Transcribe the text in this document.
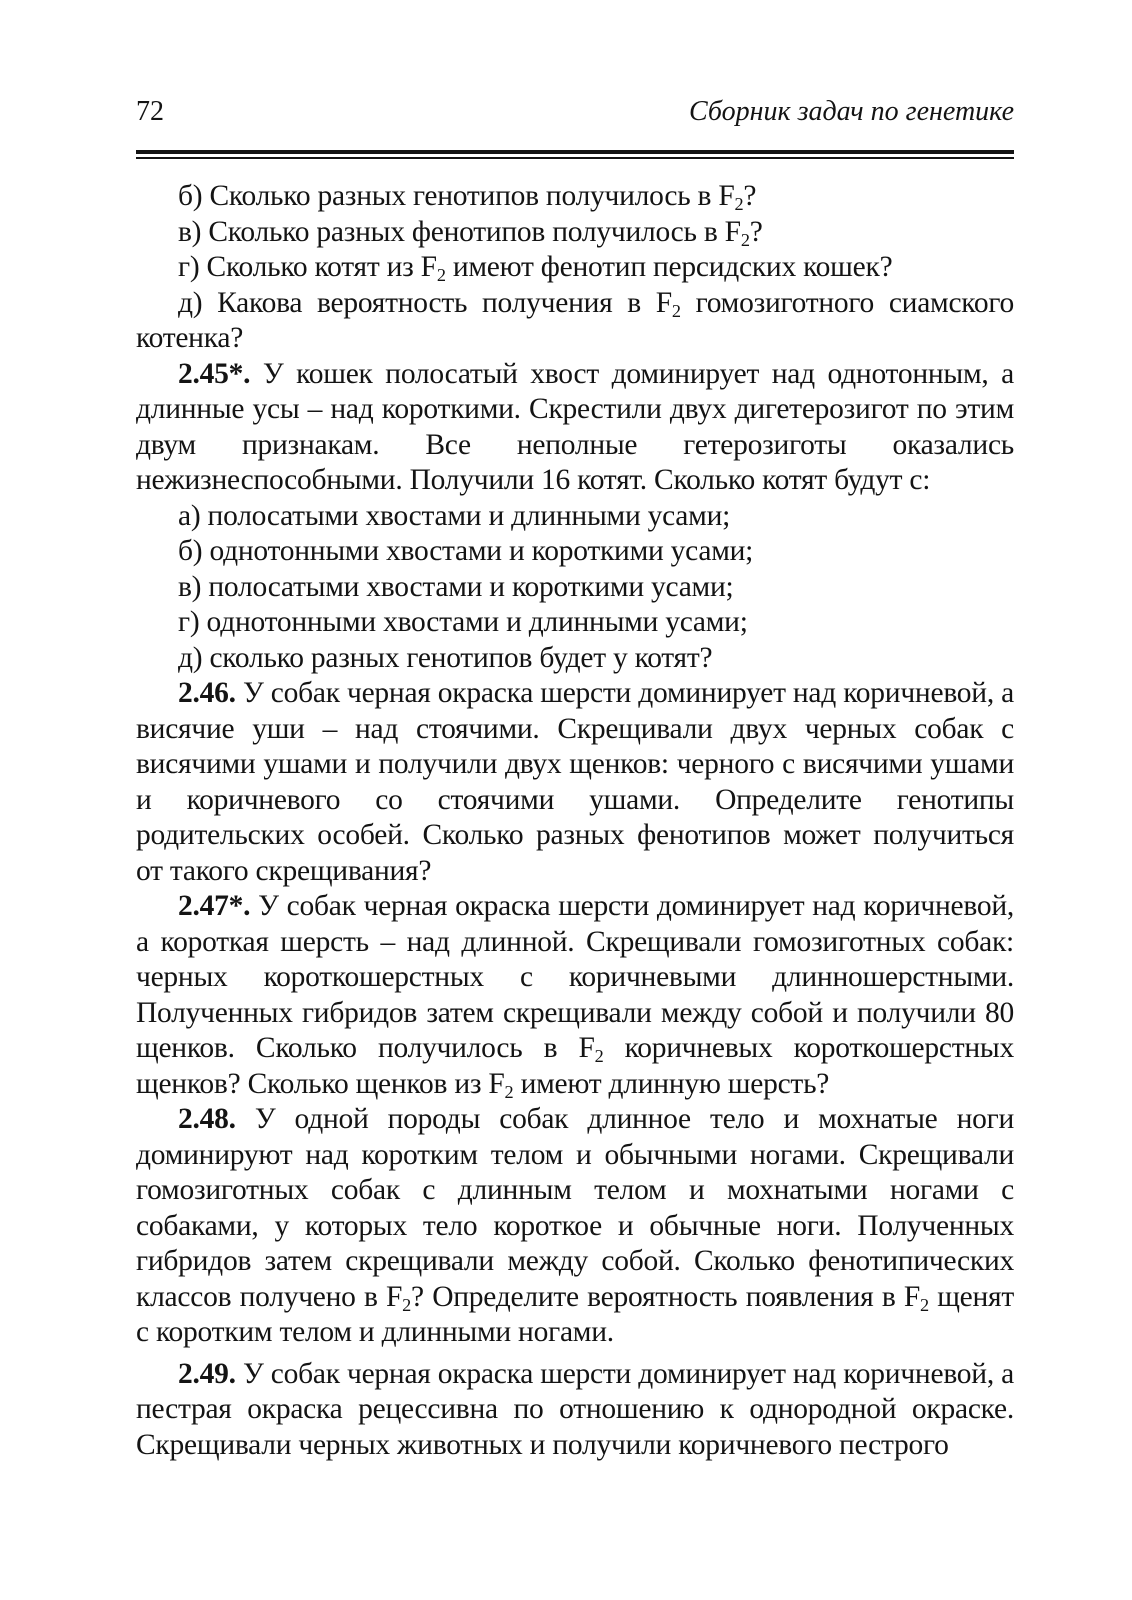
72	Сборник задач по генетике

б) Сколько разных генотипов получилось в $F_2$?

в) Сколько разных фенотипов получилось в $F_2$?

г) Сколько котят из $F_2$ имеют фенотип персидских кошек?

д) Какова вероятность получения в $F_2$ гомозиготного сиамского котенка?

2.45*. У кошек полосатый хвост доминирует над однотонным, а длинные усы – над короткими. Скрестили двух дигетерозигот по этим двум признакам. Все неполные гетерозиготы оказались нежизнеспособными. Получили 16 котят. Сколько котят будут с:

а) полосатыми хвостами и длинными усами;

б) однотонными хвостами и короткими усами;

в) полосатыми хвостами и короткими усами;

г) однотонными хвостами и длинными усами;

д) сколько разных генотипов будет у котят?

2.46. У собак черная окраска шерсти доминирует над коричневой, а висячие уши – над стоячими. Скрещивали двух черных собак с висячими ушами и получили двух щенков: черного с висячими ушами и коричневого со стоячими ушами. Определите генотипы родительских особей. Сколько разных фенотипов может получиться от такого скрещивания?

2.47*. У собак черная окраска шерсти доминирует над коричневой, а короткая шерсть – над длинной. Скрещивали гомозиготных собак: черных короткошерстных с коричневыми длинношерстными. Полученных гибридов затем скрещивали между собой и получили 80 щенков. Сколько получилось в $F_2$ коричневых короткошерстных щенков? Сколько щенков из $F_2$ имеют длинную шерсть?

2.48. У одной породы собак длинное тело и мохнатые ноги доминируют над коротким телом и обычными ногами. Скрещивали гомозиготных собак с длинным телом и мохнатыми ногами с собаками, у которых тело короткое и обычные ноги. Полученных гибридов затем скрещивали между собой. Сколько фенотипических классов получено в $F_2$? Определите вероятность появления в $F_2$ щенят с коротким телом и длинными ногами.

2.49. У собак черная окраска шерсти доминирует над коричневой, а пестрая окраска рецессивна по отношению к однородной окраске. Скрещивали черных животных и получили коричневого пестрого
